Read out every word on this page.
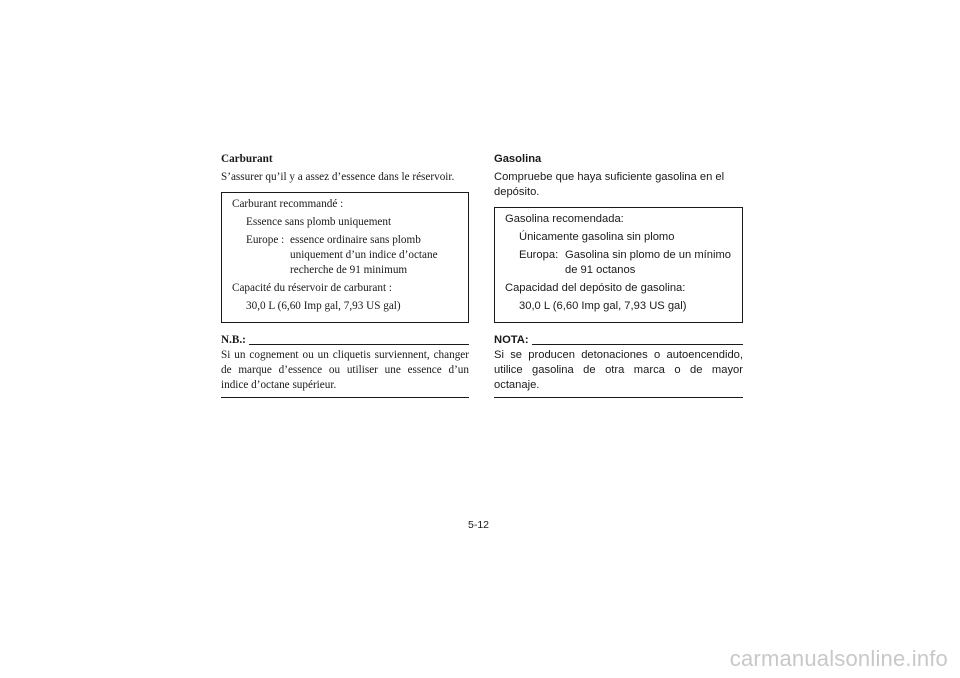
Carburant

S’assurer qu’il y a assez d’essence dans le réservoir.

Carburant recommandé :

Essence sans plomb uniquement

Europe : essence ordinaire sans plomb uniquement d’un indice d’octane recherche de 91 minimum

Capacité du réservoir de carburant :

30,0 L (6,60 Imp gal, 7,93 US gal)

N.B.:

Si un cognement ou un cliquetis surviennent, changer de marque d’essence ou utiliser une essence d’un indice d’octane supérieur.

Gasolina

Compruebe que haya suficiente gasolina en el depósito.

Gasolina recomendada:

Únicamente gasolina sin plomo

Europa: Gasolina sin plomo de un mínimo de 91 octanos

Capacidad del depósito de gasolina:

30,0 L (6,60 Imp gal, 7,93 US gal)

NOTA:

Si se producen detonaciones o autoencendido, utilice gasolina de otra marca o de mayor octanaje.

5-12
carmanualsonline.info
